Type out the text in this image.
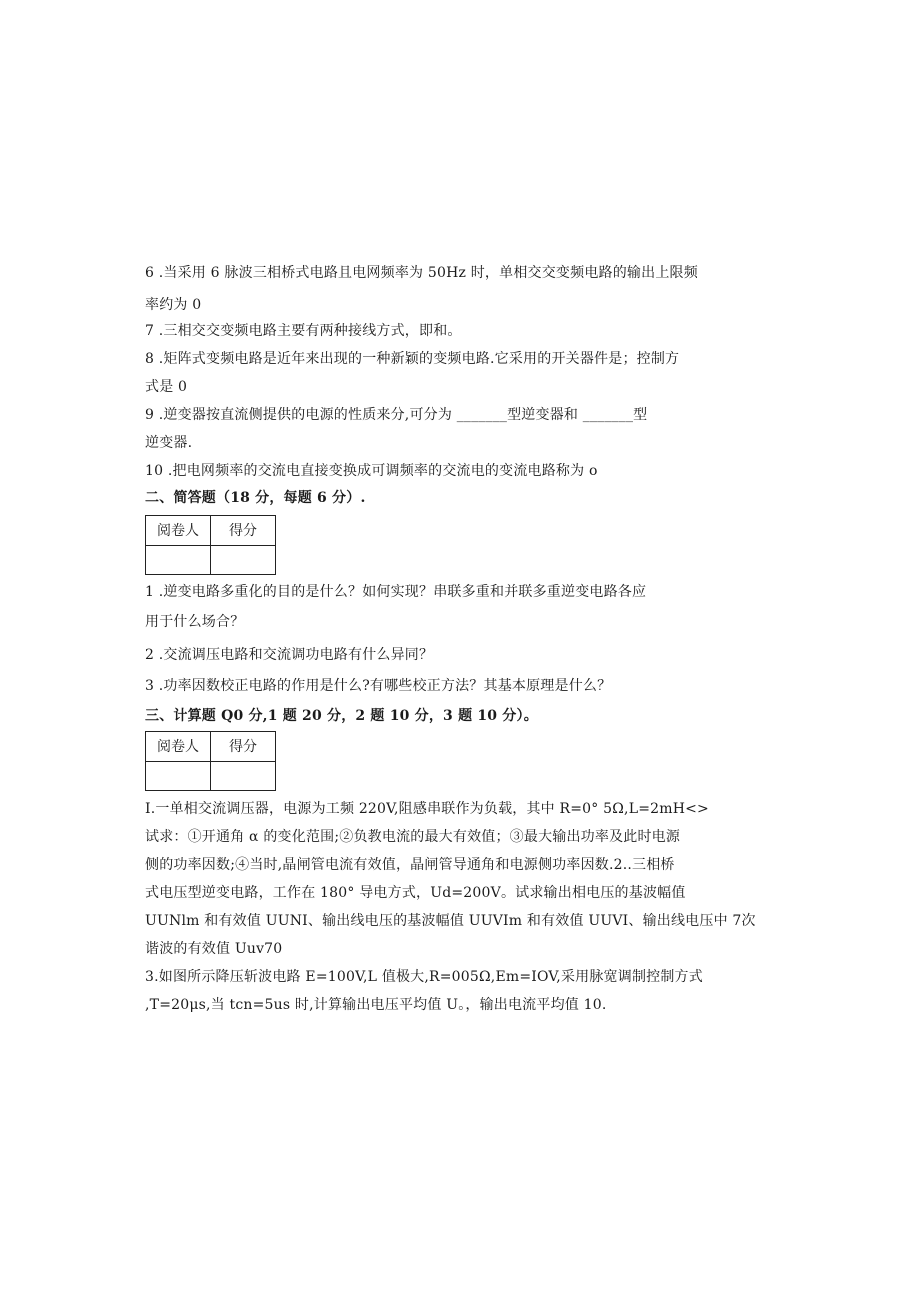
6 .当采用 6 脉波三相桥式电路且电网频率为 50Hz 时，单相交交变频电路的输出上限频
率约为 0
7 .三相交交变频电路主要有两种接线方式，即和。
8 .矩阵式变频电路是近年来出现的一种新颖的变频电路.它采用的开关器件是；控制方
式是 0
9 .逆变器按直流侧提供的电源的性质来分,可分为 _______型逆变器和 _______型
逆变器.
10 .把电网频率的交流电直接变换成可调频率的交流电的变流电路称为 o
二、简答题（18 分，每题 6 分）.
阅卷人	得分

1 .逆变电路多重化的目的是什么？如何实现？串联多重和并联多重逆变电路各应
用于什么场合？
2 .交流调压电路和交流调功电路有什么异同？
3 .功率因数校正电路的作用是什么?有哪些校正方法？其基本原理是什么？
三、计算题 Q0 分,1 题 20 分，2 题 10 分，3 题 10 分）。
阅卷人	得分

I.一单相交流调压器，电源为工频 220V,阻感串联作为负载，其中 R=0° 5Ω,L=2mH<>
试求：①开通角 α 的变化范围;②负教电流的最大有效值；③最大输出功率及此时电源
侧的功率因数;④当时,晶闸管电流有效值，晶闸管导通角和电源侧功率因数.2..三相桥
式电压型逆变电路，工作在 180° 导电方式，Ud=200V。试求输出相电压的基波幅值
UUNlm 和有效值 UUNI、输出线电压的基波幅值 UUVIm 和有效值 UUVI、输出线电压中 7次
谐波的有效值 Uuv70
3.如图所示降压斩波电路 E=100V,L 值极大,R=005Ω,Em=IOV,采用脉宽调制控制方式
,T=20μs,当 tcn=5us 时,计算输出电压平均值 U。，输出电流平均值 10.
